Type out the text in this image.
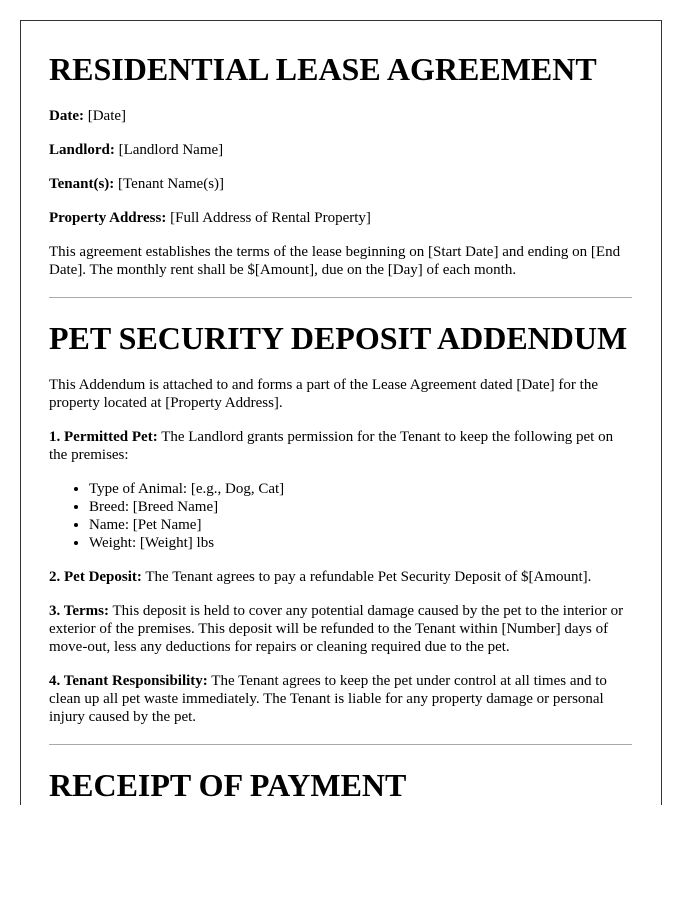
RESIDENTIAL LEASE AGREEMENT

Date: [Date]

Landlord: [Landlord Name]

Tenant(s): [Tenant Name(s)]

Property Address: [Full Address of Rental Property]

This agreement establishes the terms of the lease beginning on [Start Date] and ending on [End Date]. The monthly rent shall be $[Amount], due on the [Day] of each month.

PET SECURITY DEPOSIT ADDENDUM

This Addendum is attached to and forms a part of the Lease Agreement dated [Date] for the property located at [Property Address].

1. Permitted Pet: The Landlord grants permission for the Tenant to keep the following pet on the premises:

• Type of Animal: [e.g., Dog, Cat]
• Breed: [Breed Name]
• Name: [Pet Name]
• Weight: [Weight] lbs

2. Pet Deposit: The Tenant agrees to pay a refundable Pet Security Deposit of $[Amount].

3. Terms: This deposit is held to cover any potential damage caused by the pet to the interior or exterior of the premises. This deposit will be refunded to the Tenant within [Number] days of move-out, less any deductions for repairs or cleaning required due to the pet.

4. Tenant Responsibility: The Tenant agrees to keep the pet under control at all times and to clean up all pet waste immediately. The Tenant is liable for any property damage or personal injury caused by the pet.

RECEIPT OF PAYMENT
